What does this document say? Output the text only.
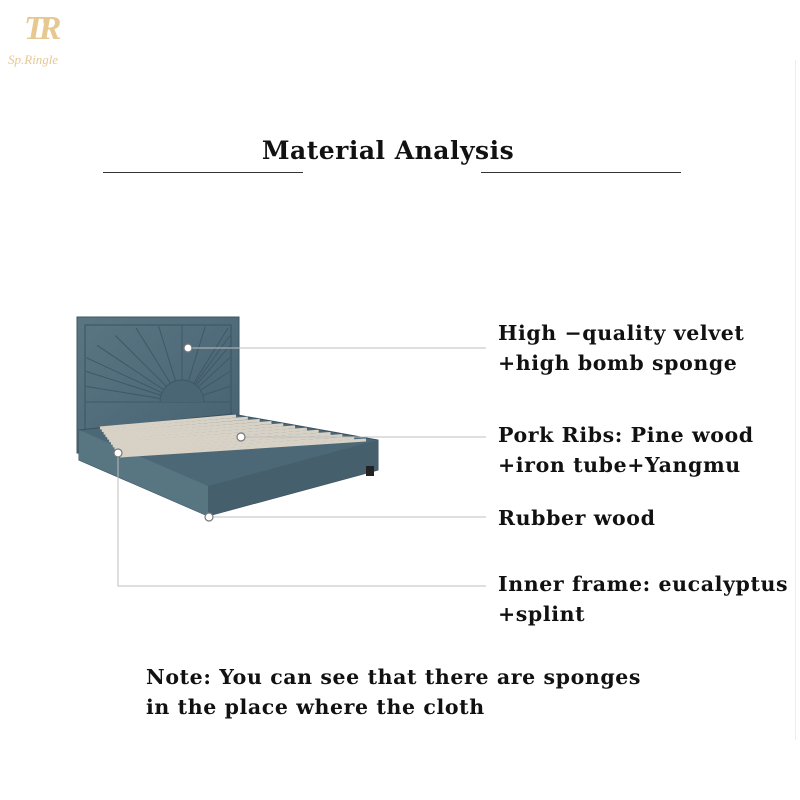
TR
Sp.Ringle
Material Analysis
High −quality velvet
+high bomb sponge
Pork Ribs: Pine wood
+iron tube+Yangmu
Rubber wood
Inner frame: eucalyptus
+splint
Note: You can see that there are sponges
in the place where the cloth
